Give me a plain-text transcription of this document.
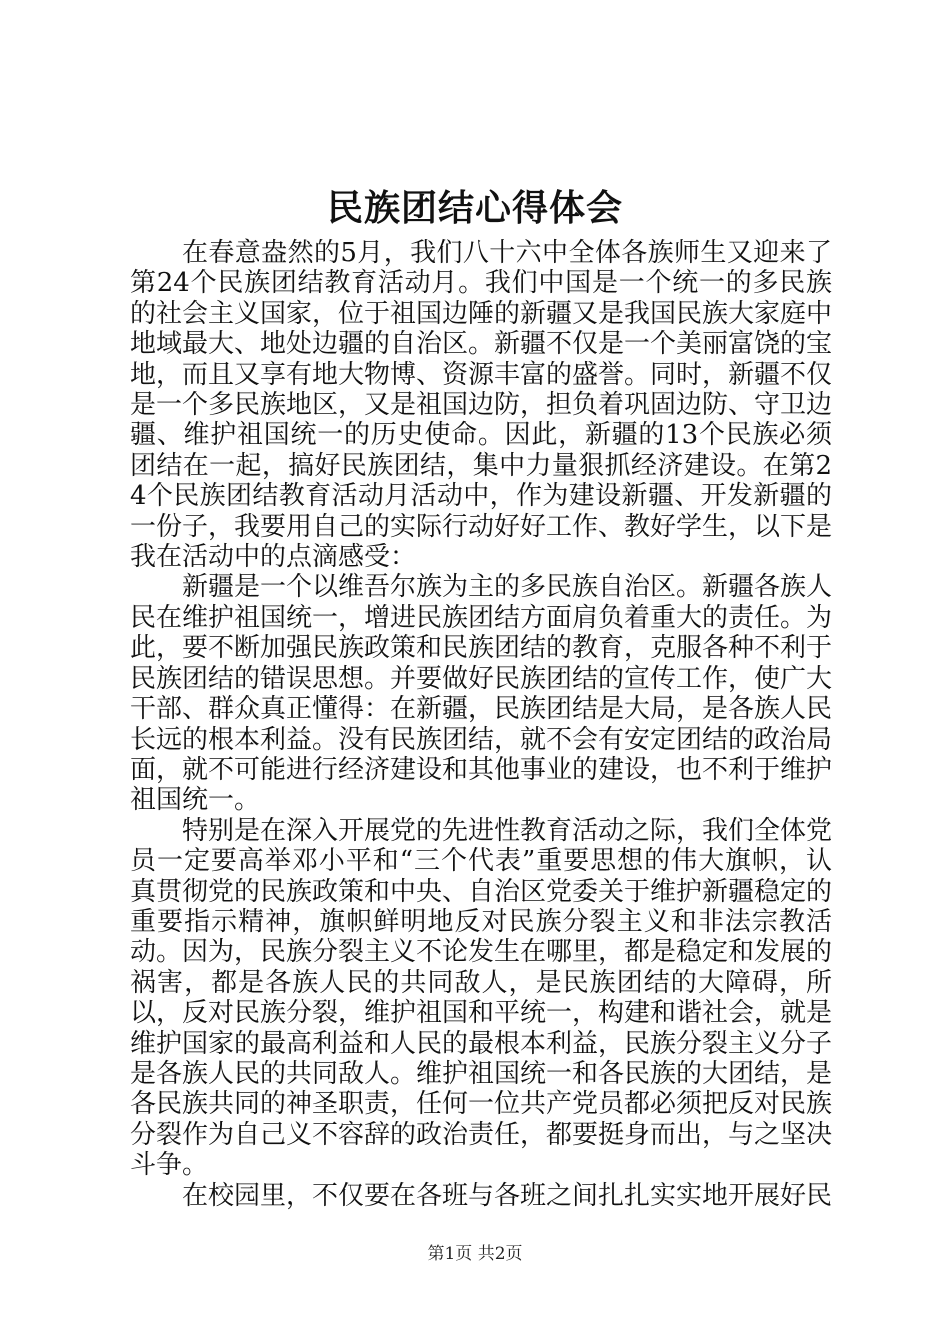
民族团结心得体会

在春意盎然的5月，我们八十六中全体各族师生又迎来了第24个民族团结教育活动月。我们中国是一个统一的多民族的社会主义国家，位于祖国边陲的新疆又是我国民族大家庭中地域最大、地处边疆的自治区。新疆不仅是一个美丽富饶的宝地，而且又享有地大物博、资源丰富的盛誉。同时，新疆不仅是一个多民族地区，又是祖国边防，担负着巩固边防、守卫边疆、维护祖国统一的历史使命。因此，新疆的13个民族必须团结在一起，搞好民族团结，集中力量狠抓经济建设。在第24个民族团结教育活动月活动中，作为建设新疆、开发新疆的一份子，我要用自己的实际行动好好工作、教好学生，以下是我在活动中的点滴感受：

新疆是一个以维吾尔族为主的多民族自治区。新疆各族人民在维护祖国统一，增进民族团结方面肩负着重大的责任。为此，要不断加强民族政策和民族团结的教育，克服各种不利于民族团结的错误思想。并要做好民族团结的宣传工作，使广大干部、群众真正懂得：在新疆，民族团结是大局，是各族人民长远的根本利益。没有民族团结，就不会有安定团结的政治局面，就不可能进行经济建设和其他事业的建设，也不利于维护祖国统一。

特别是在深入开展党的先进性教育活动之际，我们全体党员一定要高举邓小平和“三个代表”重要思想的伟大旗帜，认真贯彻党的民族政策和中央、自治区党委关于维护新疆稳定的重要指示精神，旗帜鲜明地反对民族分裂主义和非法宗教活动。因为，民族分裂主义不论发生在哪里，都是稳定和发展的祸害，都是各族人民的共同敌人，是民族团结的大障碍，所以，反对民族分裂，维护祖国和平统一，构建和谐社会，就是维护国家的最高利益和人民的最根本利益，民族分裂主义分子是各族人民的共同敌人。维护祖国统一和各民族的大团结，是各民族共同的神圣职责，任何一位共产党员都必须把反对民族分裂作为自己义不容辞的政治责任，都要挺身而出，与之坚决斗争。

在校园里，不仅要在各班与各班之间扎扎实实地开展好民

第1页 共2页
